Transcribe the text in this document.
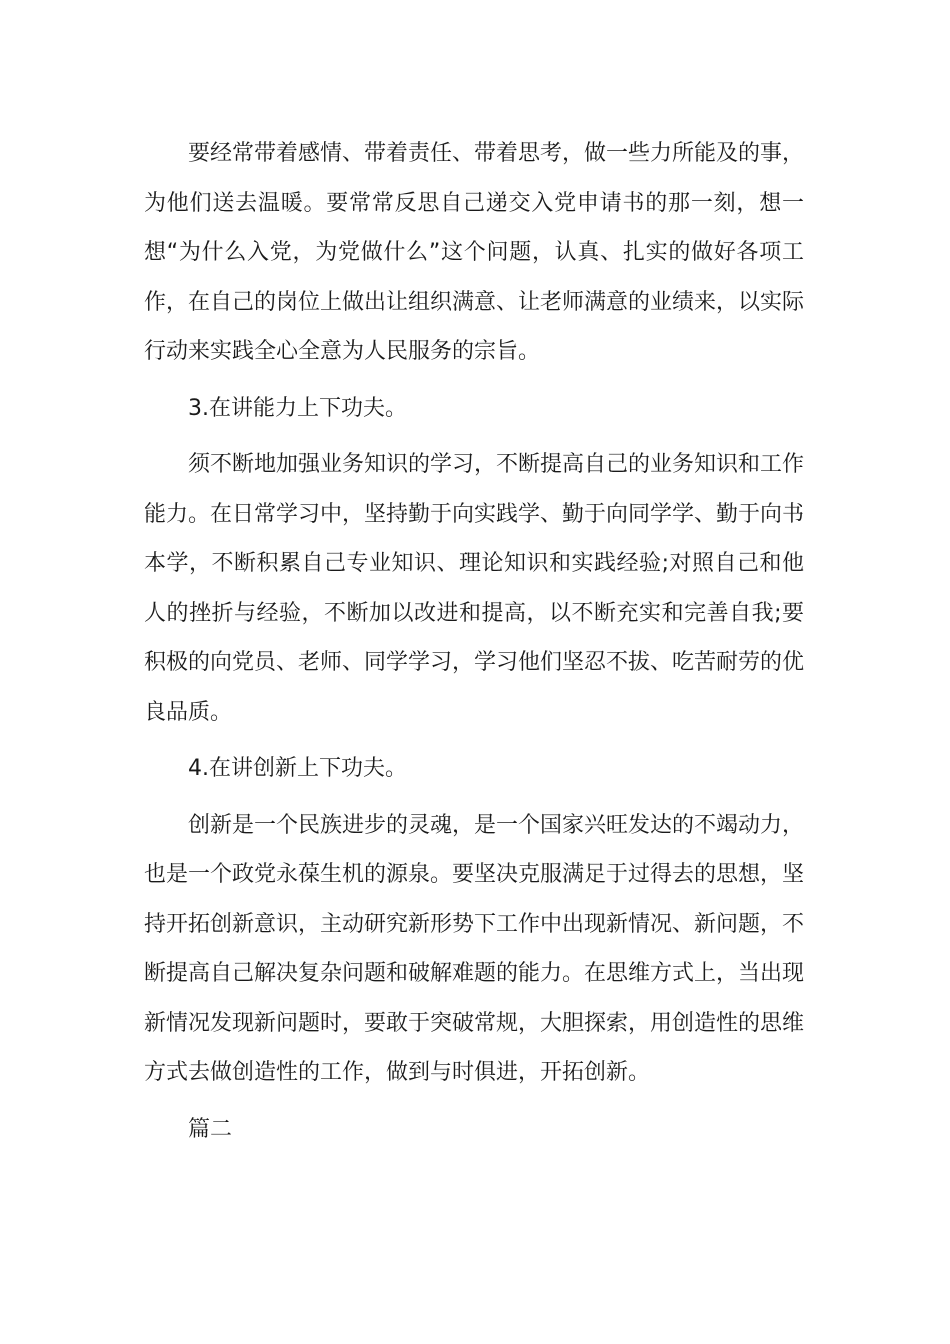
要经常带着感情、带着责任、带着思考，做一些力所能及的事，为他们送去温暖。要常常反思自己递交入党申请书的那一刻，想一想“为什么入党，为党做什么”这个问题，认真、扎实的做好各项工作，在自己的岗位上做出让组织满意、让老师满意的业绩来，以实际行动来实践全心全意为人民服务的宗旨。

3.在讲能力上下功夫。

须不断地加强业务知识的学习，不断提高自己的业务知识和工作能力。在日常学习中，坚持勤于向实践学、勤于向同学学、勤于向书本学，不断积累自己专业知识、理论知识和实践经验;对照自己和他人的挫折与经验，不断加以改进和提高，以不断充实和完善自我;要积极的向党员、老师、同学学习，学习他们坚忍不拔、吃苦耐劳的优良品质。

4.在讲创新上下功夫。

创新是一个民族进步的灵魂，是一个国家兴旺发达的不竭动力，也是一个政党永葆生机的源泉。要坚决克服满足于过得去的思想，坚持开拓创新意识，主动研究新形势下工作中出现新情况、新问题，不断提高自己解决复杂问题和破解难题的能力。在思维方式上，当出现新情况发现新问题时，要敢于突破常规，大胆探索，用创造性的思维方式去做创造性的工作，做到与时俱进，开拓创新。

篇二
